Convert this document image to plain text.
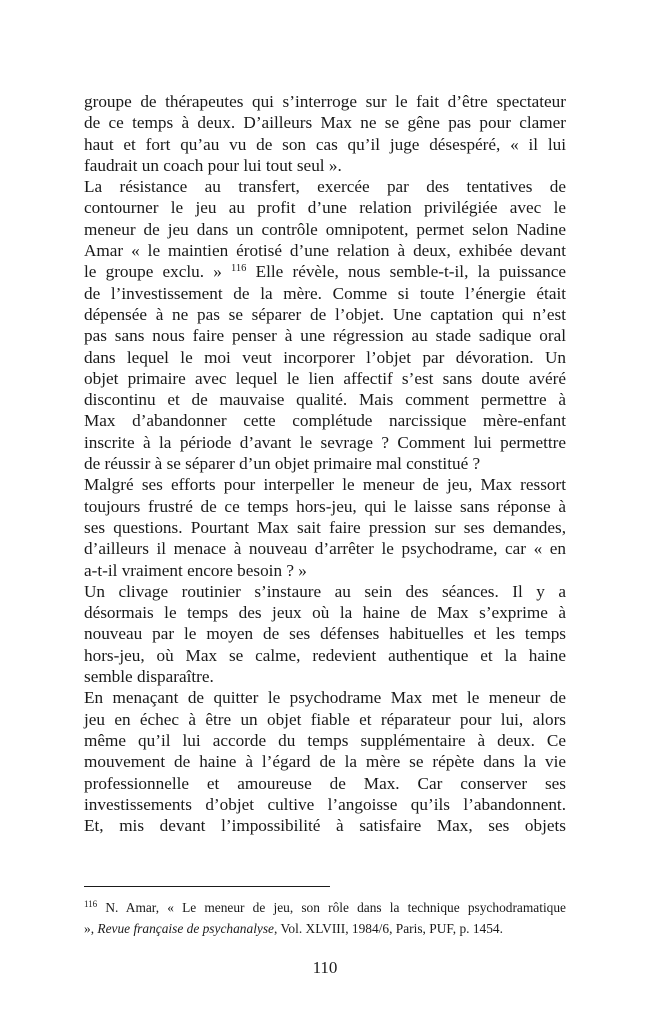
groupe de thérapeutes qui s’interroge sur le fait d’être spectateur
de ce temps à deux. D’ailleurs Max ne se gêne pas pour clamer
haut et fort qu’au vu de son cas qu’il juge désespéré, « il lui
faudrait un coach pour lui tout seul ».
La résistance au transfert, exercée par des tentatives de
contourner le jeu au profit d’une relation privilégiée avec le
meneur de jeu dans un contrôle omnipotent, permet selon Nadine
Amar « le maintien érotisé d’une relation à deux, exhibée devant
le groupe exclu. » $^{116}$ Elle révèle, nous semble-t-il, la puissance
de l’investissement de la mère. Comme si toute l’énergie était
dépensée à ne pas se séparer de l’objet. Une captation qui n’est
pas sans nous faire penser à une régression au stade sadique oral
dans lequel le moi veut incorporer l’objet par dévoration. Un
objet primaire avec lequel le lien affectif s’est sans doute avéré
discontinu et de mauvaise qualité. Mais comment permettre à
Max d’abandonner cette complétude narcissique mère-enfant
inscrite à la période d’avant le sevrage ? Comment lui permettre
de réussir à se séparer d’un objet primaire mal constitué ?
Malgré ses efforts pour interpeller le meneur de jeu, Max ressort
toujours frustré de ce temps hors-jeu, qui le laisse sans réponse à
ses questions. Pourtant Max sait faire pression sur ses demandes,
d’ailleurs il menace à nouveau d’arrêter le psychodrame, car « en
a-t-il vraiment encore besoin ? »
Un clivage routinier s’instaure au sein des séances. Il y a
désormais le temps des jeux où la haine de Max s’exprime à
nouveau par le moyen de ses défenses habituelles et les temps
hors-jeu, où Max se calme, redevient authentique et la haine
semble disparaître.
En menaçant de quitter le psychodrame Max met le meneur de
jeu en échec à être un objet fiable et réparateur pour lui, alors
même qu’il lui accorde du temps supplémentaire à deux. Ce
mouvement de haine à l’égard de la mère se répète dans la vie
professionnelle et amoureuse de Max. Car conserver ses
investissements d’objet cultive l’angoisse qu’ils l’abandonnent.
Et, mis devant l’impossibilité à satisfaire Max, ses objets
$^{116}$ N. Amar, « Le meneur de jeu, son rôle dans la technique psychodramatique
», Revue française de psychanalyse, Vol. XLVIII, 1984/6, Paris, PUF, p. 1454.
110
